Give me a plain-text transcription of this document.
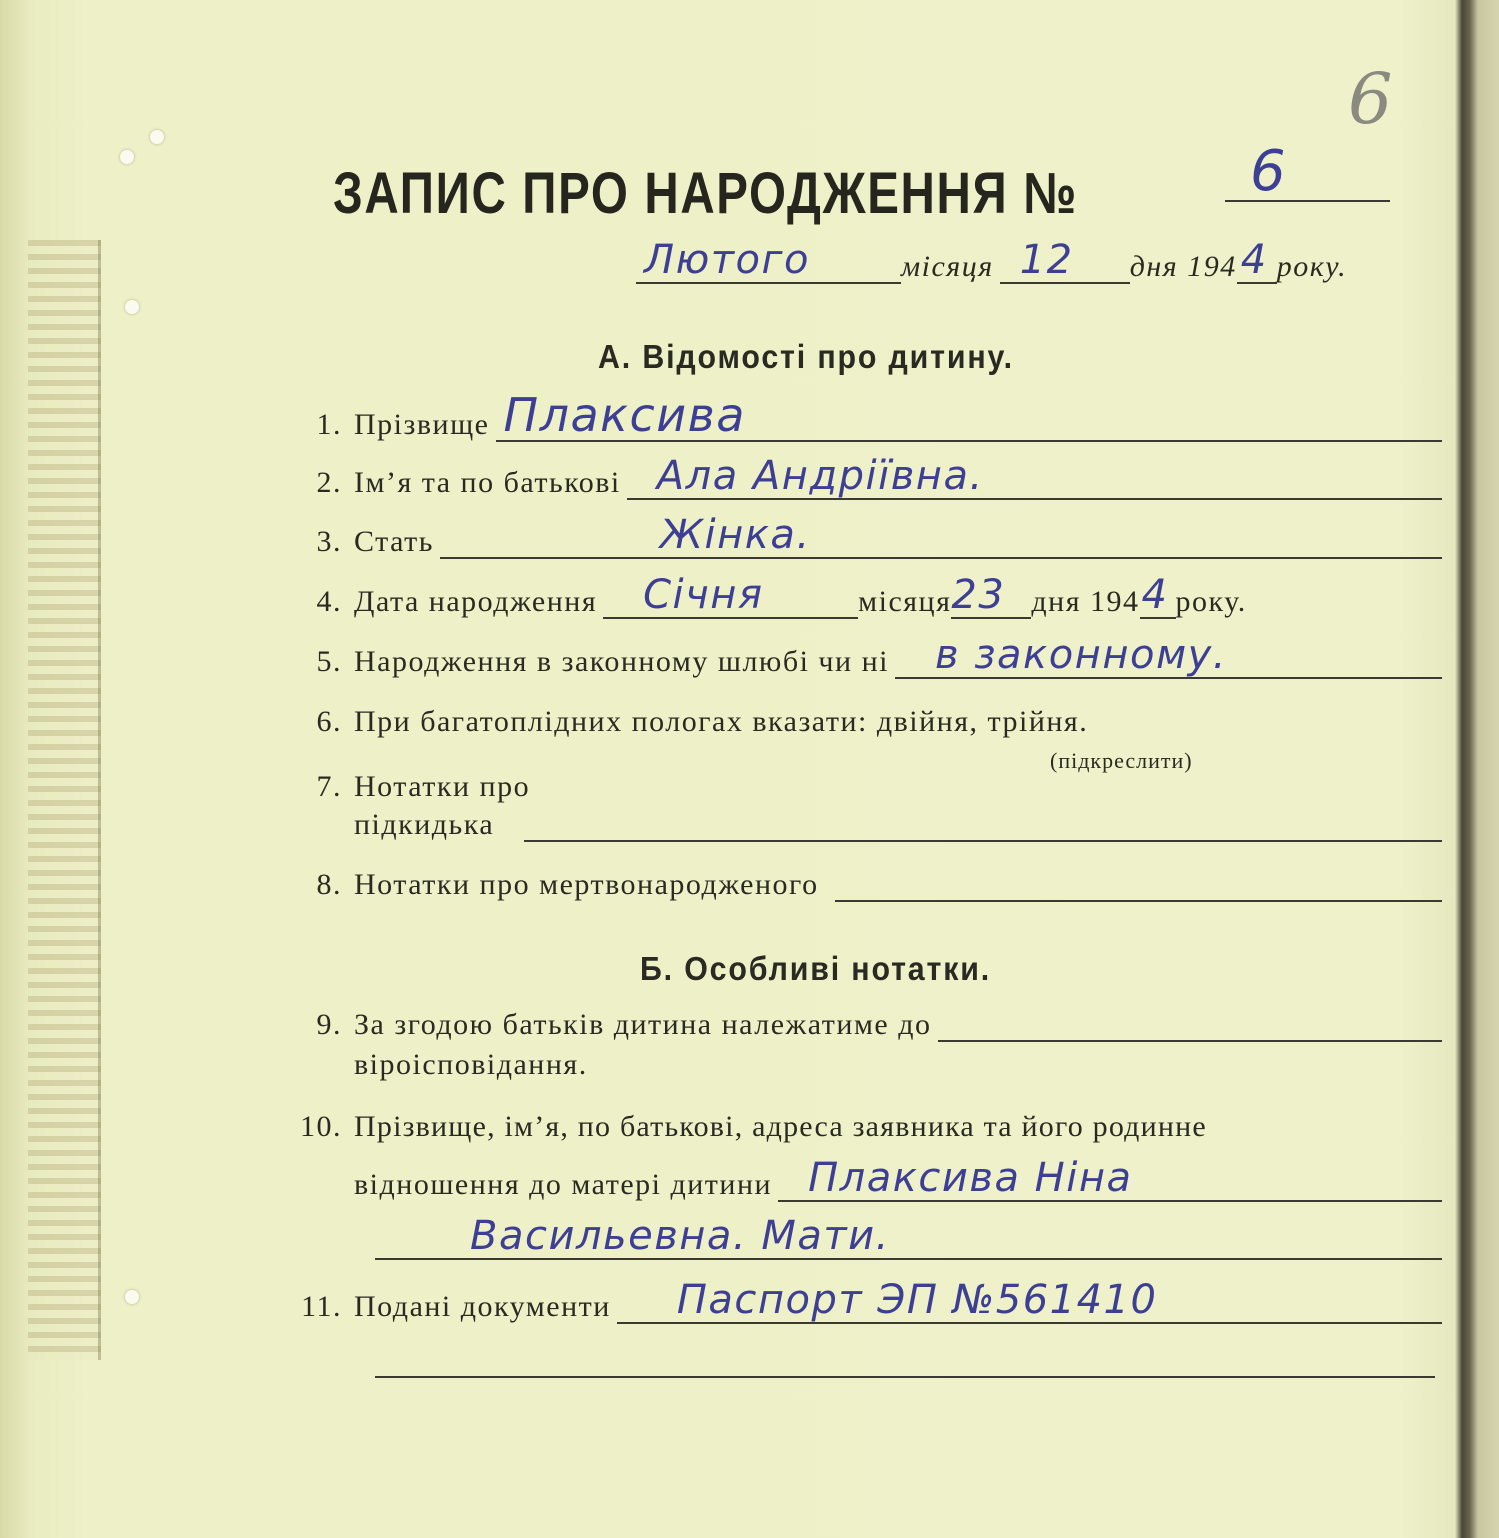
6
ЗАПИС ПРО НАРОДЖЕННЯ №	6
Лютого	місяця 12 дня 194 4 року.
А. Відомості про дитину.
1. Прізвище Плаксива
2. Ім’я та по батькові Ала Андріївна.
3. Стать	Жінка.
4. Дата народження Січня	місяця 23 дня 194 4 року.
5. Народження в законному шлюбі чи ні в законному.
6. При багатоплідних пологах вказати: двійня, трійня.
(підкреслити)
7. Нотатки про
підкидька
8. Нотатки про мертвонародженого
Б. Особливі нотатки.
9. За згодою батьків дитина належатиме до
віроісповідання.
10. Прізвище, ім’я, по батькові, адреса заявника та його родинне
відношення до матері дитини Плаксива Ніна
Васильевна. Мати.
11. Подані документи Паспорт ЭП №561410
